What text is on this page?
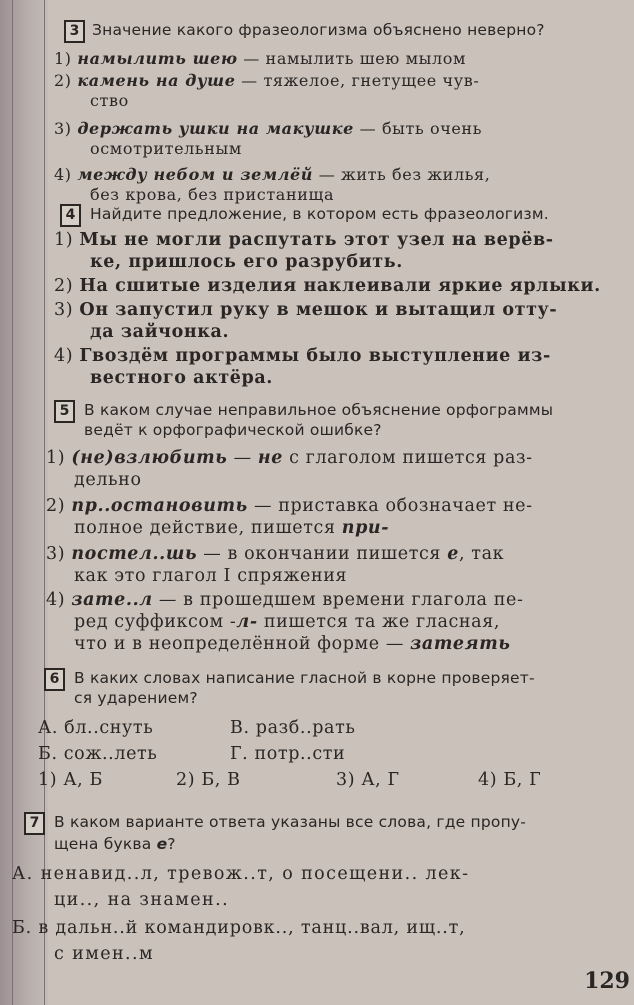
3 Значение какого фразеологизма объяснено неверно?
1) намылить шею — намылить шею мылом
2) камень на душе — тяжелое, гнетущее чув-
ство
3) держать ушки на макушке — быть очень
осмотрительным
4) между небом и землёй — жить без жилья,
без крова, без пристанища
4 Найдите предложение, в котором есть фразеологизм.
1) Мы не могли распутать этот узел на верёв-
ке, пришлось его разрубить.
2) На сшитые изделия наклеивали яркие ярлыки.
3) Он запустил руку в мешок и вытащил отту-
да зайчонка.
4) Гвоздём программы было выступление из-
вестного актёра.
5 В каком случае неправильное объяснение орфограммы
ведёт к орфографической ошибке?
1) (не)взлюбить — не с глаголом пишется раз-
дельно
2) пр..остановить — приставка обозначает не-
полное действие, пишется при-
3) постел..шь — в окончании пишется е, так
как это глагол I спряжения
4) зате..л — в прошедшем времени глагола пе-
ред суффиксом -л- пишется та же гласная,
что и в неопределённой форме — затеять
6 В каких словах написание гласной в корне проверяет-
ся ударением?
А. бл..снуть	В. разб..рать
Б. сож..леть	Г. потр..сти
1) А, Б	2) Б, В	3) А, Г	4) Б, Г
7 В каком варианте ответа указаны все слова, где пропу-
щена буква е?
А. ненавид..л, тревож..т, о посещени.. лек-
ци.., на знамен..
Б. в дальн..й командировк.., танц..вал, ищ..т,
с имен..м
129
